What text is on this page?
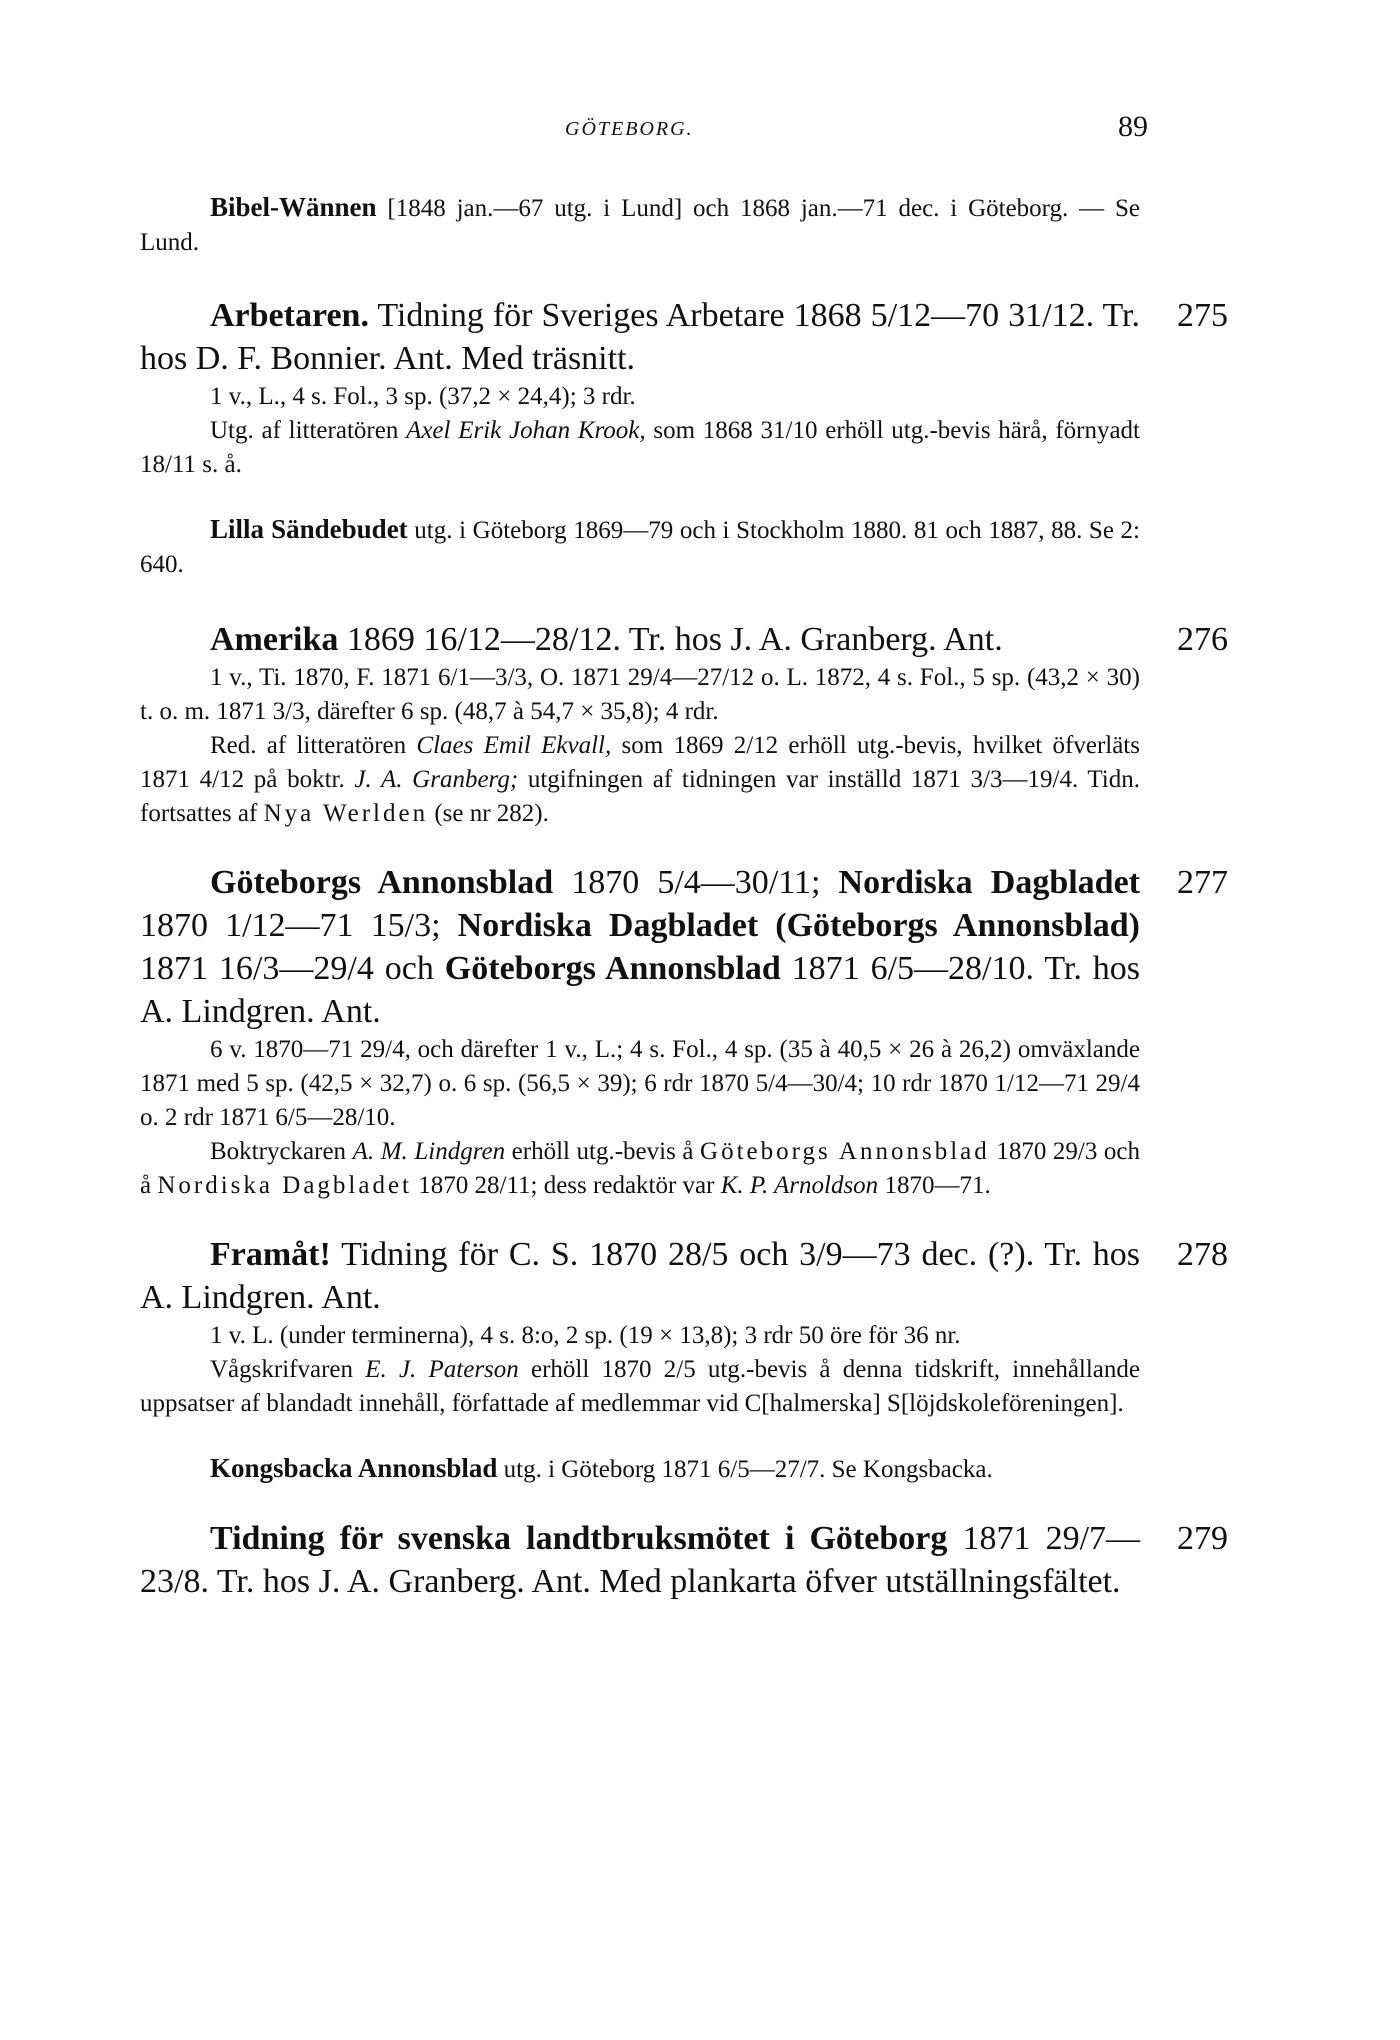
GÖTEBORG.	89
Bibel-Wännen [1848 jan.—67 utg. i Lund] och 1868 jan.—71 dec. i Göteborg. — Se Lund.
275
Arbetaren. Tidning för Sveriges Arbetare 1868 5/12—70 31/12. Tr. hos D. F. Bonnier. Ant. Med träsnitt.
1 v., L., 4 s. Fol., 3 sp. (37,2 × 24,4); 3 rdr.
Utg. af litteratören Axel Erik Johan Krook, som 1868 31/10 erhöll utg.-bevis härå, förnyadt 18/11 s. å.
Lilla Sändebudet utg. i Göteborg 1869—79 och i Stockholm 1880. 81 och 1887, 88. Se 2: 640.
276
Amerika 1869 16/12—28/12. Tr. hos J. A. Granberg. Ant.
1 v., Ti. 1870, F. 1871 6/1—3/3, O. 1871 29/4—27/12 o. L. 1872, 4 s. Fol., 5 sp. (43,2 × 30) t. o. m. 1871 3/3, därefter 6 sp. (48,7 à 54,7 × 35,8); 4 rdr.
Red. af litteratören Claes Emil Ekvall, som 1869 2/12 erhöll utg.-bevis, hvilket öfverläts 1871 4/12 på boktr. J. A. Granberg; utgifningen af tidningen var inställd 1871 3/3—19/4. Tidn. fortsattes af Nya Werlden (se nr 282).
277
Göteborgs Annonsblad 1870 5/4—30/11; Nordiska Dagbladet 1870 1/12—71 15/3; Nordiska Dagbladet (Göteborgs Annonsblad) 1871 16/3—29/4 och Göteborgs Annonsblad 1871 6/5—28/10. Tr. hos A. Lindgren. Ant.
6 v. 1870—71 29/4, och därefter 1 v., L.; 4 s. Fol., 4 sp. (35 à 40,5 × 26 à 26,2) omväxlande 1871 med 5 sp. (42,5 × 32,7) o. 6 sp. (56,5 × 39); 6 rdr 1870 5/4—30/4; 10 rdr 1870 1/12—71 29/4 o. 2 rdr 1871 6/5—28/10.
Boktryckaren A. M. Lindgren erhöll utg.-bevis å Göteborgs Annonsblad 1870 29/3 och å Nordiska Dagbladet 1870 28/11; dess redaktör var K. P. Arnoldson 1870—71.
278
Framåt! Tidning för C. S. 1870 28/5 och 3/9—73 dec. (?). Tr. hos A. Lindgren. Ant.
1 v. L. (under terminerna), 4 s. 8:o, 2 sp. (19 × 13,8); 3 rdr 50 öre för 36 nr.
Vågskrifvaren E. J. Paterson erhöll 1870 2/5 utg.-bevis å denna tidskrift, innehållande uppsatser af blandadt innehåll, författade af medlemmar vid C[halmerska] S[löjdskoleföreningen].
Kongsbacka Annonsblad utg. i Göteborg 1871 6/5—27/7. Se Kongsbacka.
279
Tidning för svenska landtbruksmötet i Göteborg 1871 29/7—23/8. Tr. hos J. A. Granberg. Ant. Med plankarta öfver utställningsfältet.
